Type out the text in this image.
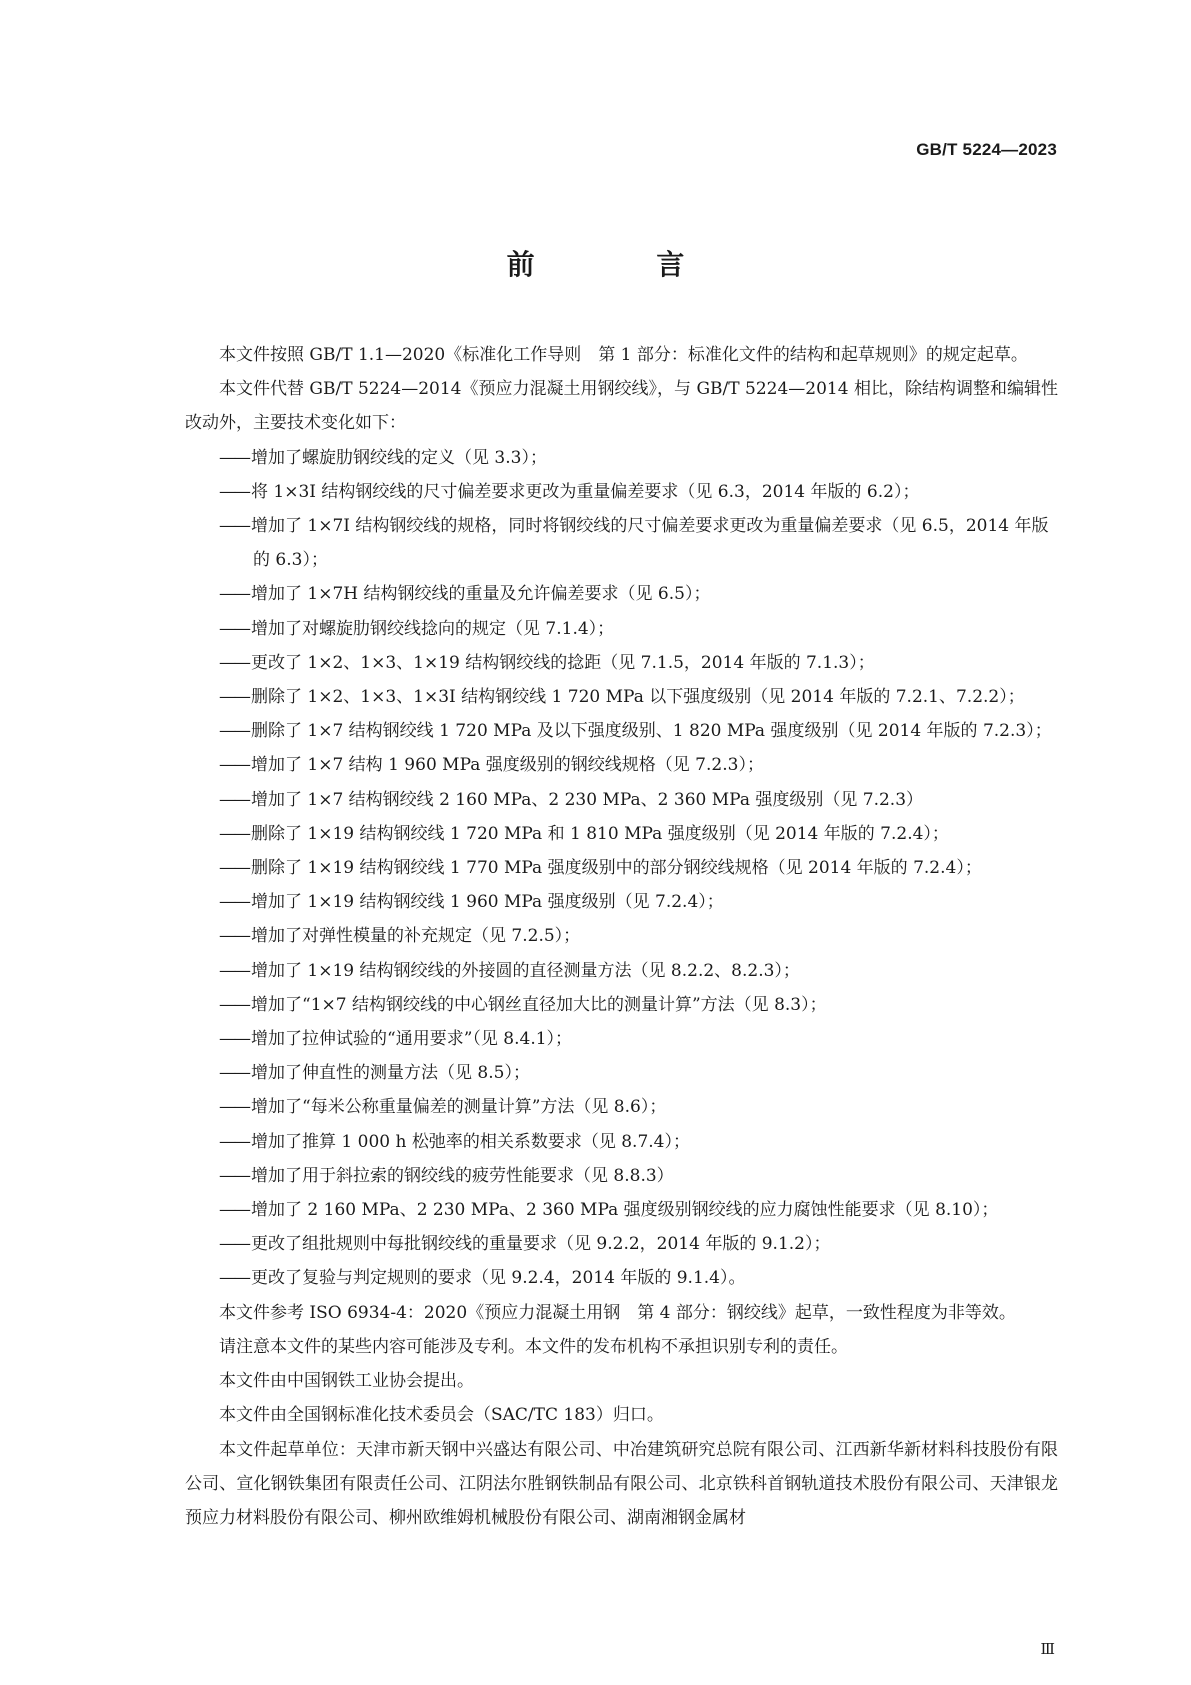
GB/T 5224—2023
前 言

本文件按照 GB/T 1.1—2020《标准化工作导则　第 1 部分：标准化文件的结构和起草规则》的规定起草。

本文件代替 GB/T 5224—2014《预应力混凝土用钢绞线》，与 GB/T 5224—2014 相比，除结构调整和编辑性改动外，主要技术变化如下：

—— 增加了螺旋肋钢绞线的定义（见 3.3）；
—— 将 1×3I 结构钢绞线的尺寸偏差要求更改为重量偏差要求（见 6.3，2014 年版的 6.2）；
—— 增加了 1×7I 结构钢绞线的规格，同时将钢绞线的尺寸偏差要求更改为重量偏差要求（见 6.5，2014 年版的 6.3）；
—— 增加了 1×7H 结构钢绞线的重量及允许偏差要求（见 6.5）；
—— 增加了对螺旋肋钢绞线捻向的规定（见 7.1.4）；
—— 更改了 1×2、1×3、1×19 结构钢绞线的捻距（见 7.1.5，2014 年版的 7.1.3）；
—— 删除了 1×2、1×3、1×3I 结构钢绞线 1 720 MPa 以下强度级别（见 2014 年版的 7.2.1、7.2.2）；
—— 删除了 1×7 结构钢绞线 1 720 MPa 及以下强度级别、1 820 MPa 强度级别（见 2014 年版的 7.2.3）；
—— 增加了 1×7 结构 1 960 MPa 强度级别的钢绞线规格（见 7.2.3）；
—— 增加了 1×7 结构钢绞线 2 160 MPa、2 230 MPa、2 360 MPa 强度级别（见 7.2.3）
—— 删除了 1×19 结构钢绞线 1 720 MPa 和 1 810 MPa 强度级别（见 2014 年版的 7.2.4）；
—— 删除了 1×19 结构钢绞线 1 770 MPa 强度级别中的部分钢绞线规格（见 2014 年版的 7.2.4）；
—— 增加了 1×19 结构钢绞线 1 960 MPa 强度级别（见 7.2.4）；
—— 增加了对弹性模量的补充规定（见 7.2.5）；
—— 增加了 1×19 结构钢绞线的外接圆的直径测量方法（见 8.2.2、8.2.3）；
—— 增加了“1×7 结构钢绞线的中心钢丝直径加大比的测量计算”方法（见 8.3）；
—— 增加了拉伸试验的“通用要求”（见 8.4.1）；
—— 增加了伸直性的测量方法（见 8.5）；
—— 增加了“每米公称重量偏差的测量计算”方法（见 8.6）；
—— 增加了推算 1 000 h 松弛率的相关系数要求（见 8.7.4）；
—— 增加了用于斜拉索的钢绞线的疲劳性能要求（见 8.8.3）
—— 增加了 2 160 MPa、2 230 MPa、2 360 MPa 强度级别钢绞线的应力腐蚀性能要求（见 8.10）；
—— 更改了组批规则中每批钢绞线的重量要求（见 9.2.2，2014 年版的 9.1.2）；
—— 更改了复验与判定规则的要求（见 9.2.4，2014 年版的 9.1.4）。

本文件参考 ISO 6934-4：2020《预应力混凝土用钢　第 4 部分：钢绞线》起草，一致性程度为非等效。

请注意本文件的某些内容可能涉及专利。本文件的发布机构不承担识别专利的责任。

本文件由中国钢铁工业协会提出。

本文件由全国钢标准化技术委员会（SAC/TC 183）归口。

本文件起草单位：天津市新天钢中兴盛达有限公司、中冶建筑研究总院有限公司、江西新华新材料科技股份有限公司、宣化钢铁集团有限责任公司、江阴法尔胜钢铁制品有限公司、北京铁科首钢轨道技术股份有限公司、天津银龙预应力材料股份有限公司、柳州欧维姆机械股份有限公司、湖南湘钢金属材

Ⅲ
